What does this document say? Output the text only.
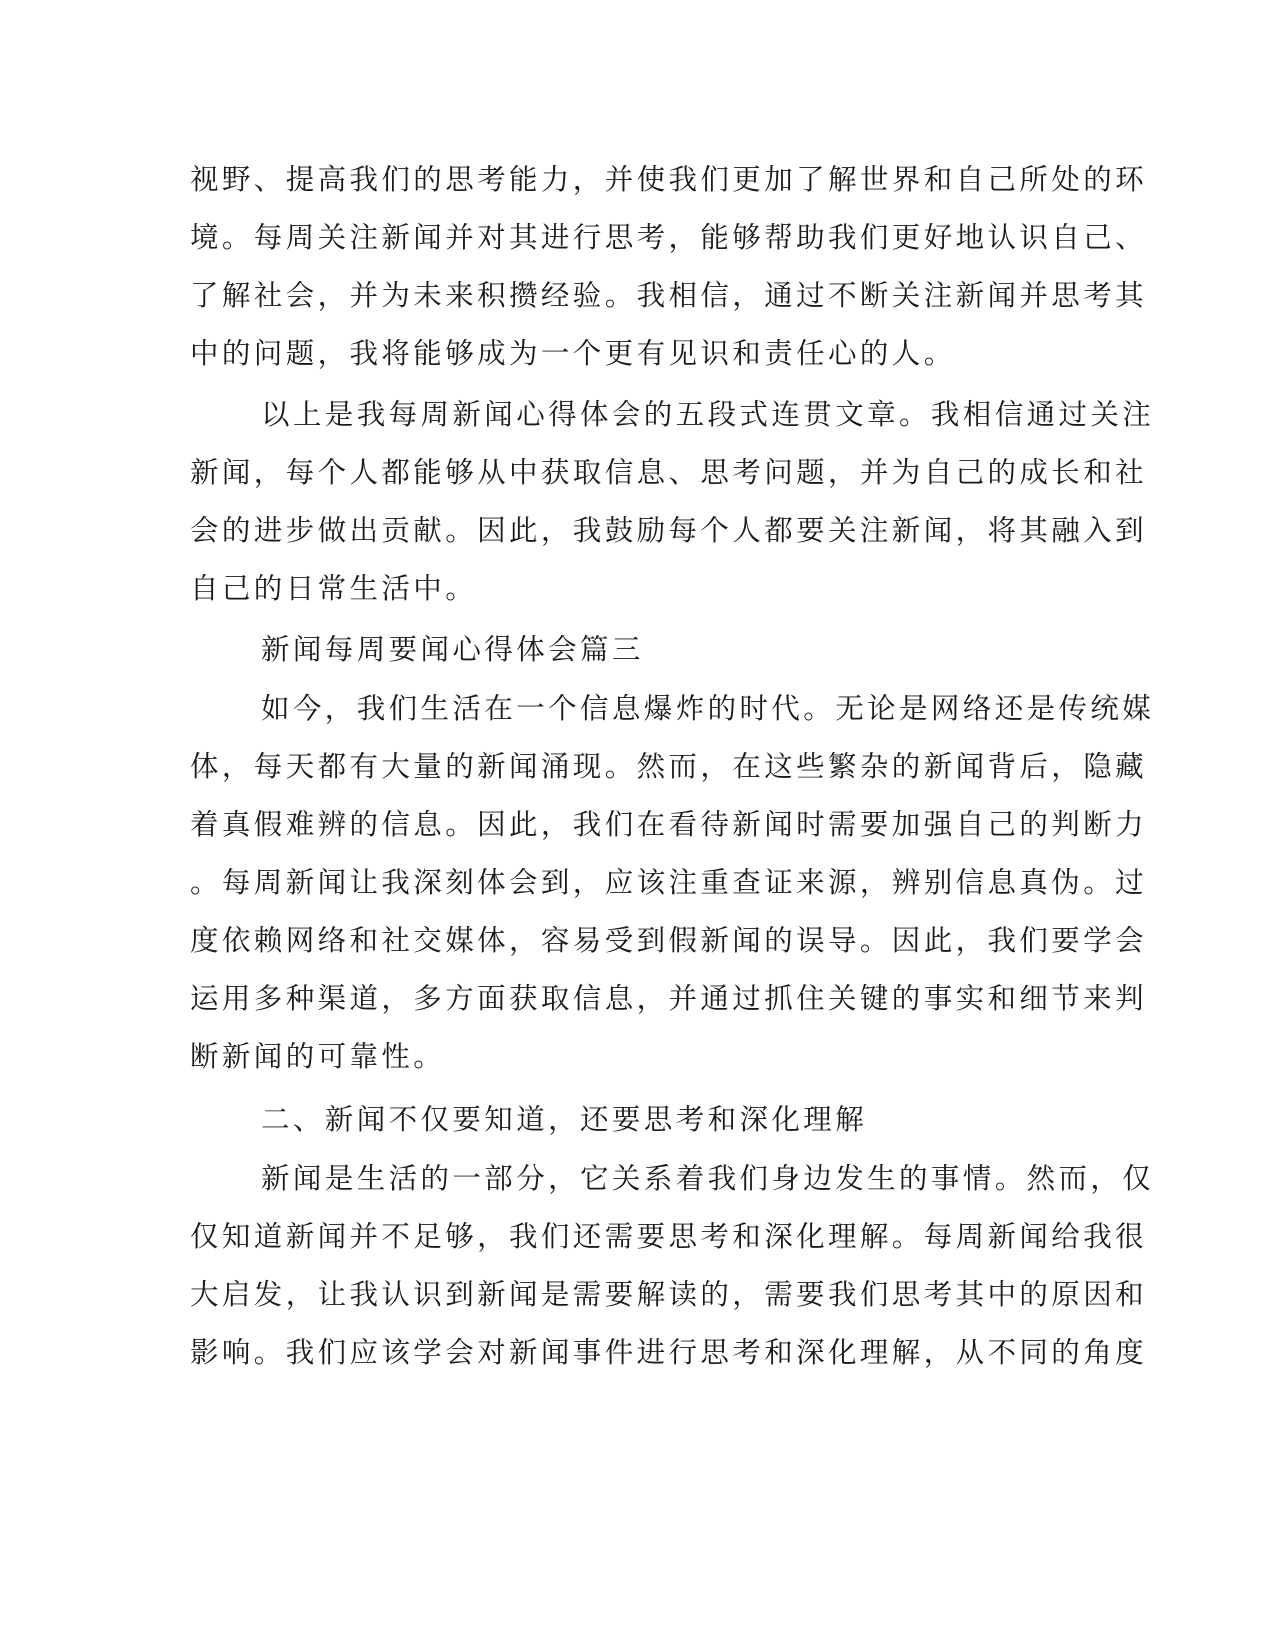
视野、提高我们的思考能力，并使我们更加了解世界和自己所处的环
境。每周关注新闻并对其进行思考，能够帮助我们更好地认识自己、
了解社会，并为未来积攒经验。我相信，通过不断关注新闻并思考其
中的问题，我将能够成为一个更有见识和责任心的人。
以上是我每周新闻心得体会的五段式连贯文章。我相信通过关注
新闻，每个人都能够从中获取信息、思考问题，并为自己的成长和社
会的进步做出贡献。因此，我鼓励每个人都要关注新闻，将其融入到
自己的日常生活中。
新闻每周要闻心得体会篇三
如今，我们生活在一个信息爆炸的时代。无论是网络还是传统媒
体，每天都有大量的新闻涌现。然而，在这些繁杂的新闻背后，隐藏
着真假难辨的信息。因此，我们在看待新闻时需要加强自己的判断力
。每周新闻让我深刻体会到，应该注重查证来源，辨别信息真伪。过
度依赖网络和社交媒体，容易受到假新闻的误导。因此，我们要学会
运用多种渠道，多方面获取信息，并通过抓住关键的事实和细节来判
断新闻的可靠性。
二、新闻不仅要知道，还要思考和深化理解
新闻是生活的一部分，它关系着我们身边发生的事情。然而，仅
仅知道新闻并不足够，我们还需要思考和深化理解。每周新闻给我很
大启发，让我认识到新闻是需要解读的，需要我们思考其中的原因和
影响。我们应该学会对新闻事件进行思考和深化理解，从不同的角度
